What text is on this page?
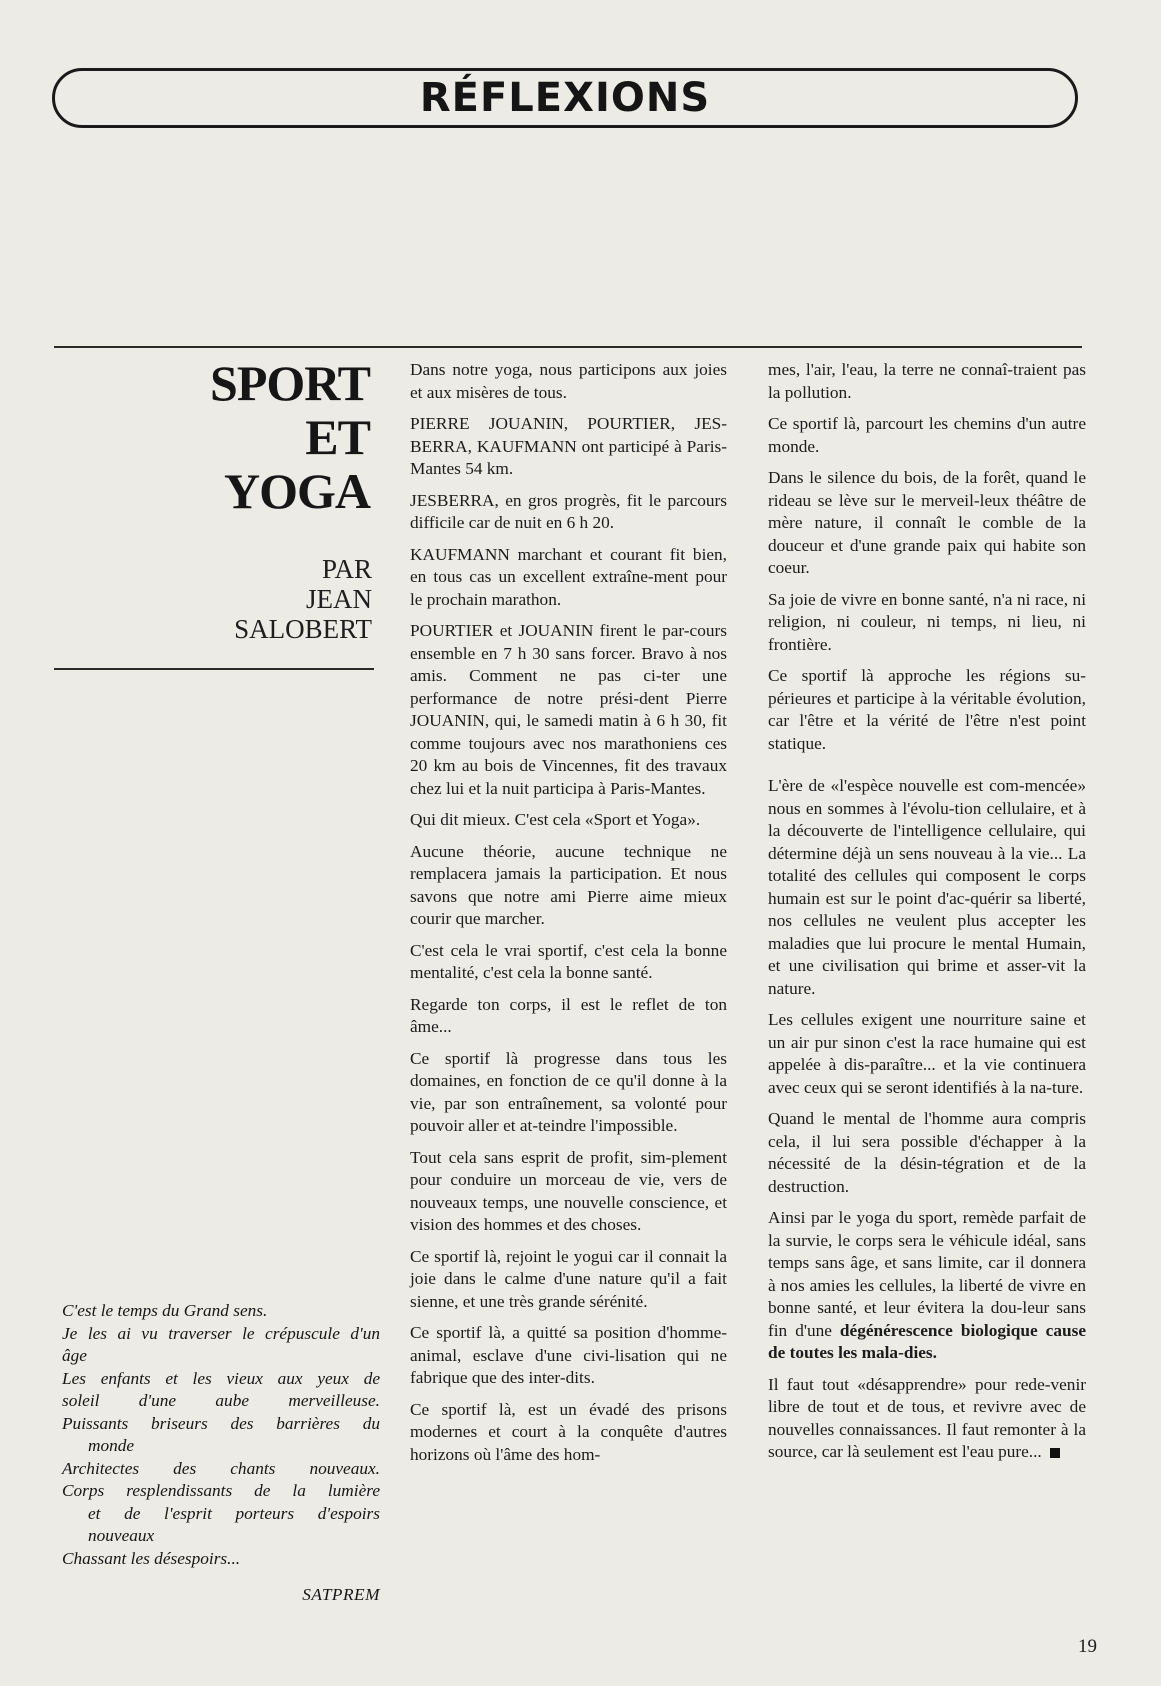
RÉFLEXIONS
SPORT
ET
YOGA
PAR
JEAN
SALOBERT
C'est le temps du Grand sens.
Je les ai vu traverser le crépuscule d'un
âge
Les enfants et les vieux aux yeux de
soleil d'une aube merveilleuse.
Puissants briseurs des barrières du
monde
Architectes des chants nouveaux.
Corps resplendissants de la lumière
et de l'esprit porteurs d'espoirs
nouveaux
Chassant les désespoirs...
SATPREM

Dans notre yoga, nous participons aux joies et aux misères de tous.

PIERRE JOUANIN, POURTIER, JES-BERRA, KAUFMANN ont participé à Paris-Mantes 54 km.

JESBERRA, en gros progrès, fit le parcours difficile car de nuit en 6 h 20.

KAUFMANN marchant et courant fit bien, en tous cas un excellent extraîne-ment pour le prochain marathon.

POURTIER et JOUANIN firent le par-cours ensemble en 7 h 30 sans forcer. Bravo à nos amis. Comment ne pas ci-ter une performance de notre prési-dent Pierre JOUANIN, qui, le samedi matin à 6 h 30, fit comme toujours avec nos marathoniens ces 20 km au bois de Vincennes, fit des travaux chez lui et la nuit participa à Paris-Mantes.

Qui dit mieux. C'est cela «Sport et Yoga».

Aucune théorie, aucune technique ne remplacera jamais la participation. Et nous savons que notre ami Pierre aime mieux courir que marcher.

C'est cela le vrai sportif, c'est cela la bonne mentalité, c'est cela la bonne santé.

Regarde ton corps, il est le reflet de ton âme...

Ce sportif là progresse dans tous les domaines, en fonction de ce qu'il donne à la vie, par son entraînement, sa volonté pour pouvoir aller et at-teindre l'impossible.

Tout cela sans esprit de profit, sim-plement pour conduire un morceau de vie, vers de nouveaux temps, une nouvelle conscience, et vision des hommes et des choses.

Ce sportif là, rejoint le yogui car il connait la joie dans le calme d'une nature qu'il a fait sienne, et une très grande sérénité.

Ce sportif là, a quitté sa position d'homme-animal, esclave d'une civi-lisation qui ne fabrique que des inter-dits.

Ce sportif là, est un évadé des prisons modernes et court à la conquête d'autres horizons où l'âme des hom-

mes, l'air, l'eau, la terre ne connaî-traient pas la pollution.

Ce sportif là, parcourt les chemins d'un autre monde.

Dans le silence du bois, de la forêt, quand le rideau se lève sur le merveil-leux théâtre de mère nature, il connaît le comble de la douceur et d'une grande paix qui habite son coeur.

Sa joie de vivre en bonne santé, n'a ni race, ni religion, ni couleur, ni temps, ni lieu, ni frontière.

Ce sportif là approche les régions su-périeures et participe à la véritable évolution, car l'être et la vérité de l'être n'est point statique.

L'ère de «l'espèce nouvelle est com-mencée» nous en sommes à l'évolu-tion cellulaire, et à la découverte de l'intelligence cellulaire, qui détermine déjà un sens nouveau à la vie... La totalité des cellules qui composent le corps humain est sur le point d'ac-quérir sa liberté, nos cellules ne veulent plus accepter les maladies que lui procure le mental Humain, et une civilisation qui brime et asser-vit la nature.

Les cellules exigent une nourriture saine et un air pur sinon c'est la race humaine qui est appelée à dis-paraître... et la vie continuera avec ceux qui se seront identifiés à la na-ture.

Quand le mental de l'homme aura compris cela, il lui sera possible d'échapper à la nécessité de la désin-tégration et de la destruction.

Ainsi par le yoga du sport, remède parfait de la survie, le corps sera le véhicule idéal, sans temps sans âge, et sans limite, car il donnera à nos amies les cellules, la liberté de vivre en bonne santé, et leur évitera la dou-leur sans fin d'une dégénérescence biologique cause de toutes les mala-dies.

Il faut tout «désapprendre» pour rede-venir libre de tout et de tous, et revivre avec de nouvelles connaissances. Il faut remonter à la source, car là seulement est l'eau pure...

19
